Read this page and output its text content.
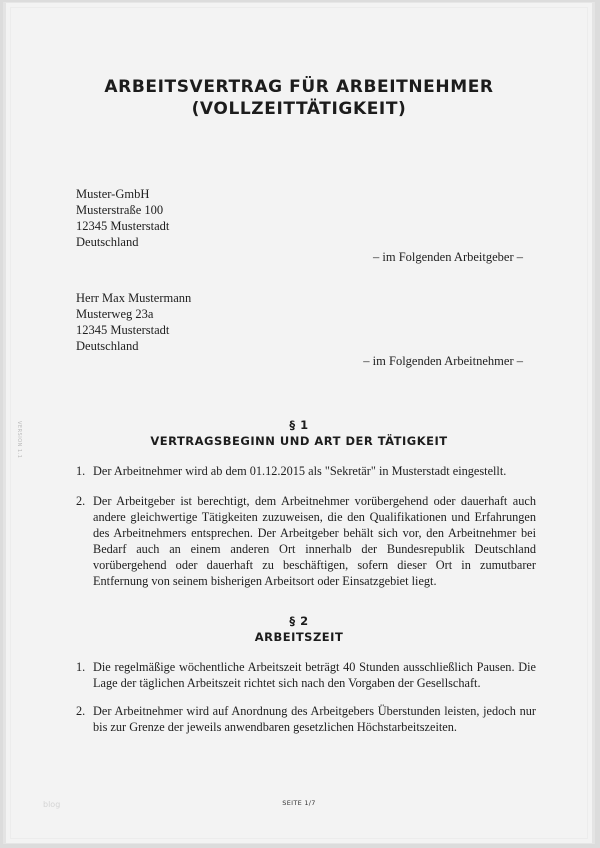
ARBEITSVERTRAG FÜR ARBEITNEHMER
(VOLLZEITTÄTIGKEIT)
Muster-GmbH
Musterstraße 100
12345 Musterstadt
Deutschland
– im Folgenden Arbeitgeber –
Herr Max Mustermann
Musterweg 23a
12345 Musterstadt
Deutschland
– im Folgenden Arbeitnehmer –
VERSION 1.1	§ 1
VERTRAGSBEGINN UND ART DER TÄTIGKEIT
1. Der Arbeitnehmer wird ab dem 01.12.2015 als "Sekretär" in Musterstadt eingestellt.
2. Der Arbeitgeber ist berechtigt, dem Arbeitnehmer vorübergehend oder dauerhaft auch andere gleichwertige Tätigkeiten zuzuweisen, die den Qualifikationen und Erfahrungen des Arbeitnehmers entsprechen. Der Arbeitgeber behält sich vor, den Arbeitnehmer bei Bedarf auch an einem anderen Ort innerhalb der Bundesrepublik Deutschland vorübergehend oder dauerhaft zu beschäftigen, sofern dieser Ort in zumutbarer Entfernung von seinem bisherigen Arbeitsort oder Einsatzgebiet liegt.
§ 2
ARBEITSZEIT
1. Die regelmäßige wöchentliche Arbeitszeit beträgt 40 Stunden ausschließlich Pausen. Die Lage der täglichen Arbeitszeit richtet sich nach den Vorgaben der Gesellschaft.
2. Der Arbeitnehmer wird auf Anordnung des Arbeitgebers Überstunden leisten, jedoch nur bis zur Grenze der jeweils anwendbaren gesetzlichen Höchstarbeitszeiten.
blog	SEITE 1/7
